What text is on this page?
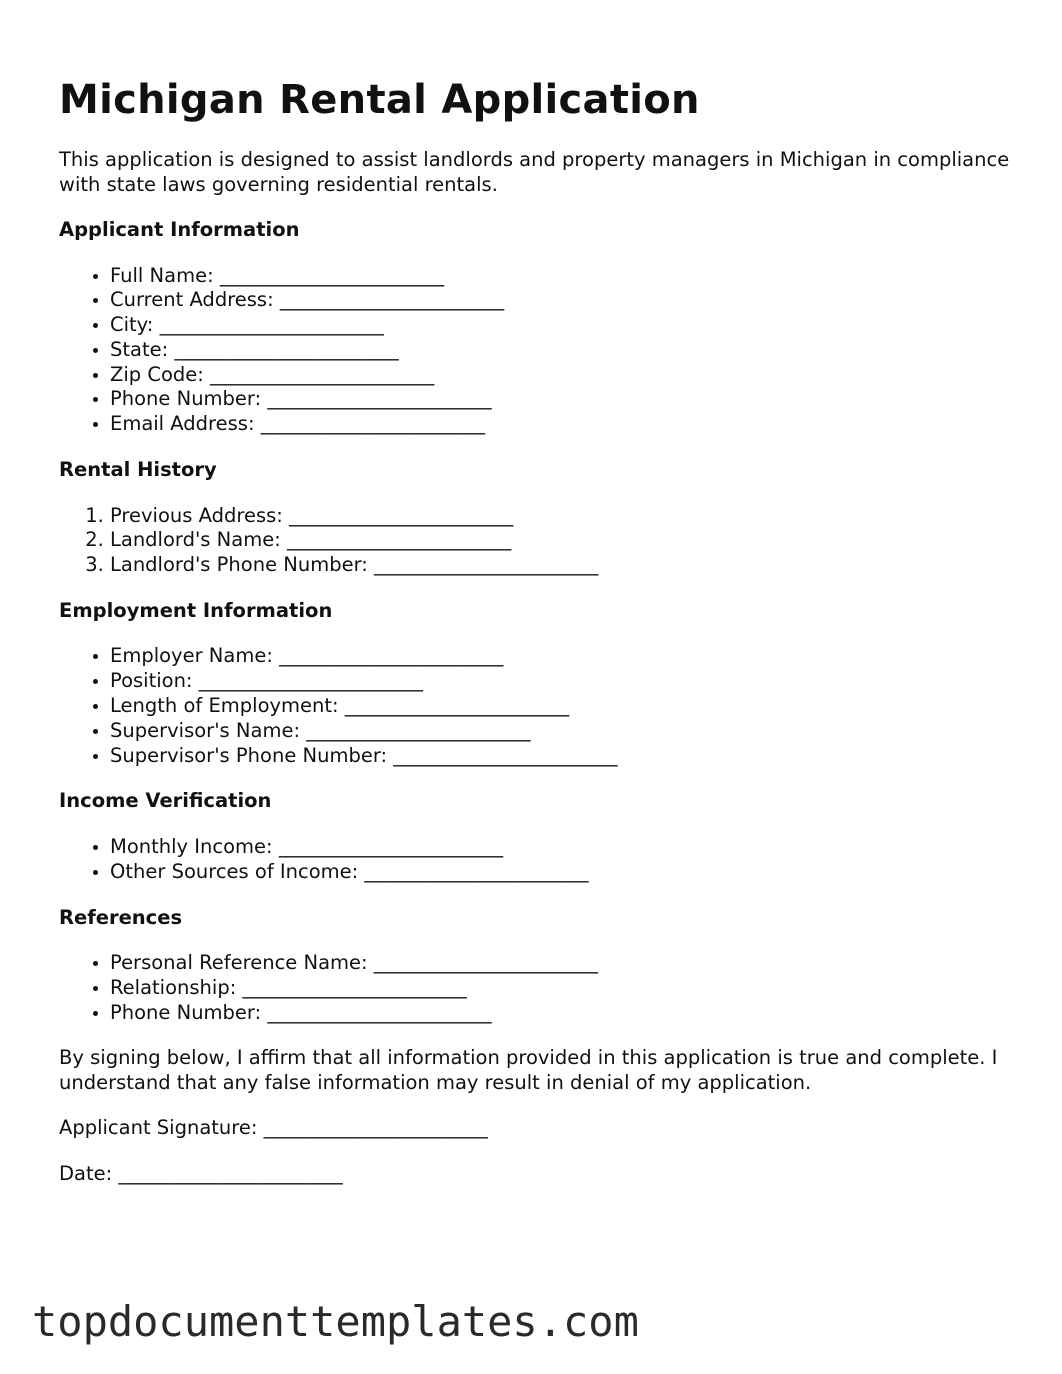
Michigan Rental Application

This application is designed to assist landlords and property managers in Michigan in compliance with state laws governing residential rentals.

Applicant Information
• Full Name: _______________________
• Current Address: _______________________
• City: _______________________
• State: _______________________
• Zip Code: _______________________
• Phone Number: _______________________
• Email Address: _______________________
Rental History
1. Previous Address: _______________________
2. Landlord's Name: _______________________
3. Landlord's Phone Number: _______________________
Employment Information
• Employer Name: _______________________
• Position: _______________________
• Length of Employment: _______________________
• Supervisor's Name: _______________________
• Supervisor's Phone Number: _______________________
Income Verification
• Monthly Income: _______________________
• Other Sources of Income: _______________________
References
• Personal Reference Name: _______________________
• Relationship: _______________________
• Phone Number: _______________________

By signing below, I affirm that all information provided in this application is true and complete. I understand that any false information may result in denial of my application.

Applicant Signature: _______________________

Date: _______________________

topdocumenttemplates.com
